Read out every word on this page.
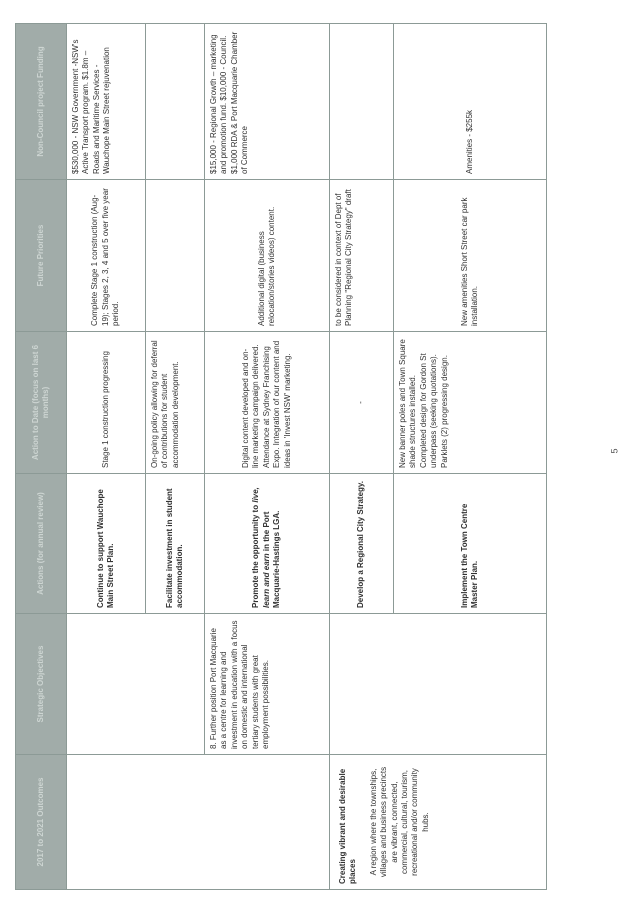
2017 to 2021 Outcomes	Strategic Objectives	Actions (for annual review)	Action to Date (focus on last 6 months)	Future Priorities	Non-Council project Funding
		Continue to support Wauchope Main Street Plan.	Stage 1 construction progressing	Complete Stage 1 construction (Aug-19); Stages 2, 3, 4 and 5 over five year period.	$530,000 - NSW Government -NSW's Active Transport program. $1.8m – Roads and Maritime Services - Wauchope Main Street rejuvenation
		Facilitate investment in student accommodation.	On-going policy allowing for deferral of contributions for student accommodation development.		
	8. Further position Port Macquarie as a centre for learning and investment in education with a focus on domestic and international tertiary students with great employment possibilities.	Promote the opportunity to live, learn and earn in the Port Macquarie-Hastings LGA.	Digital content developed and on-line marketing campaign delivered. Attendance at Sydney Franchising Expo. Integration of our content and ideas in 'Invest NSW' marketing.	Additional digital (business relocation/stories videos) content.	$15,000 - Regional Growth – marketing and promotion fund. $10,000 - Council. $1,000 RDA & Port Macquarie Chamber of Commerce

Creating vibrant and desirable places A region where the townships, villages and business precincts are vibrant, connected, commercial, cultural, tourism, recreational and/or community hubs.		Develop a Regional City Strategy.	-	to be considered in context of Dept of Planning "Regional City Strategy" draft	
		Implement the Town Centre Master Plan.	New banner poles and Town Square shade structures installed. Completed design for Gordon St underpass (seeking quotations). Parklets (2) progressing design.	New amenities Short Street car park installation.	Amenities - $255k
5
